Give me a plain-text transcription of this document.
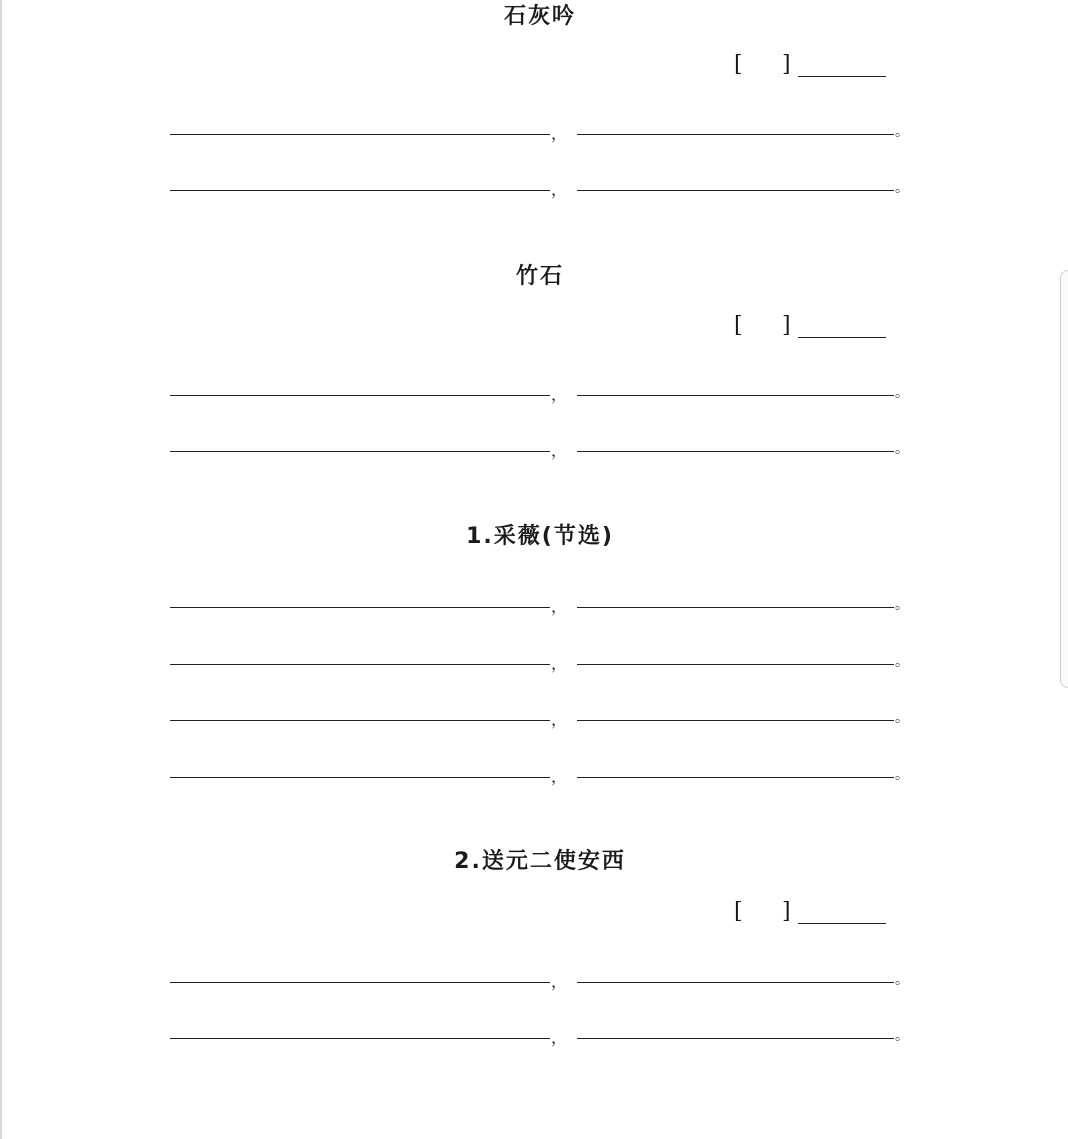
石灰吟
[ ]
，	。
，	。
竹石
[ ]
，	。
，	。
1.采薇(节选)
，	。
，	。
，	。
，	。
2.送元二使安西
[ ]
，	。
，	。
